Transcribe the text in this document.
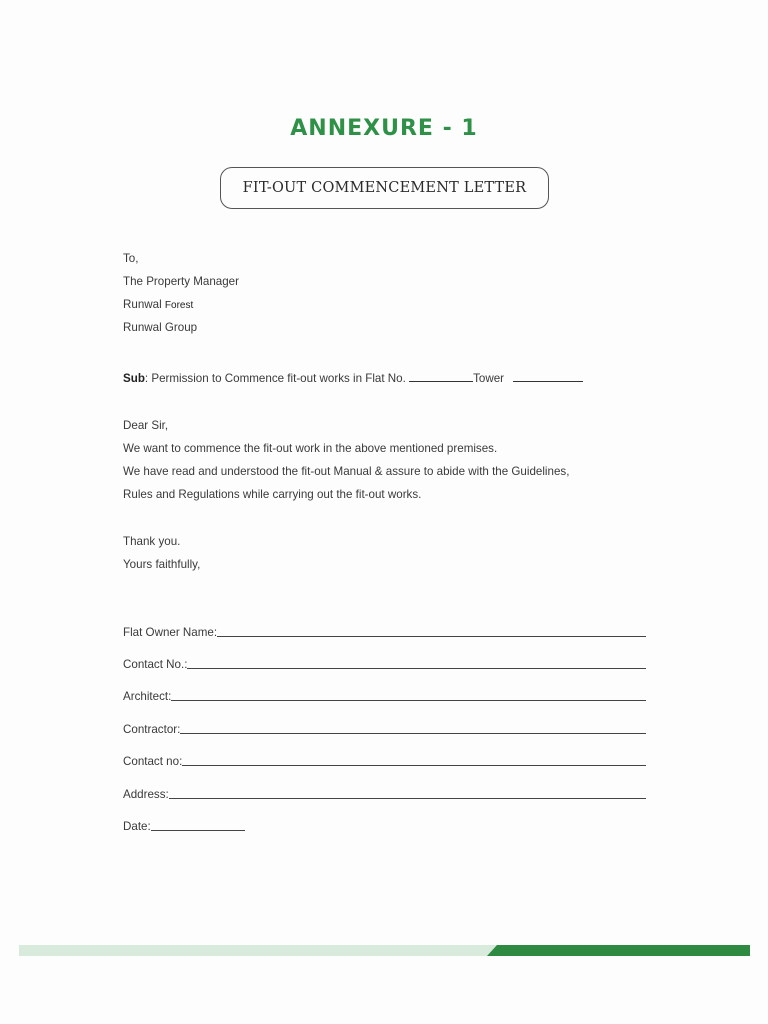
ANNEXURE - 1
FIT-OUT COMMENCEMENT LETTER
To,
The Property Manager
Runwal Forest
Runwal Group
Sub: Permission to Commence fit-out works in Flat No.	Tower
Dear Sir,
We want to commence the fit-out work in the above mentioned premises.
We have read and understood the fit-out Manual & assure to abide with the Guidelines,
Rules and Regulations while carrying out the fit-out works.
Thank you.
Yours faithfully,
Flat Owner Name:
Contact No.:
Architect:
Contractor:
Contact no:
Address:
Date:
